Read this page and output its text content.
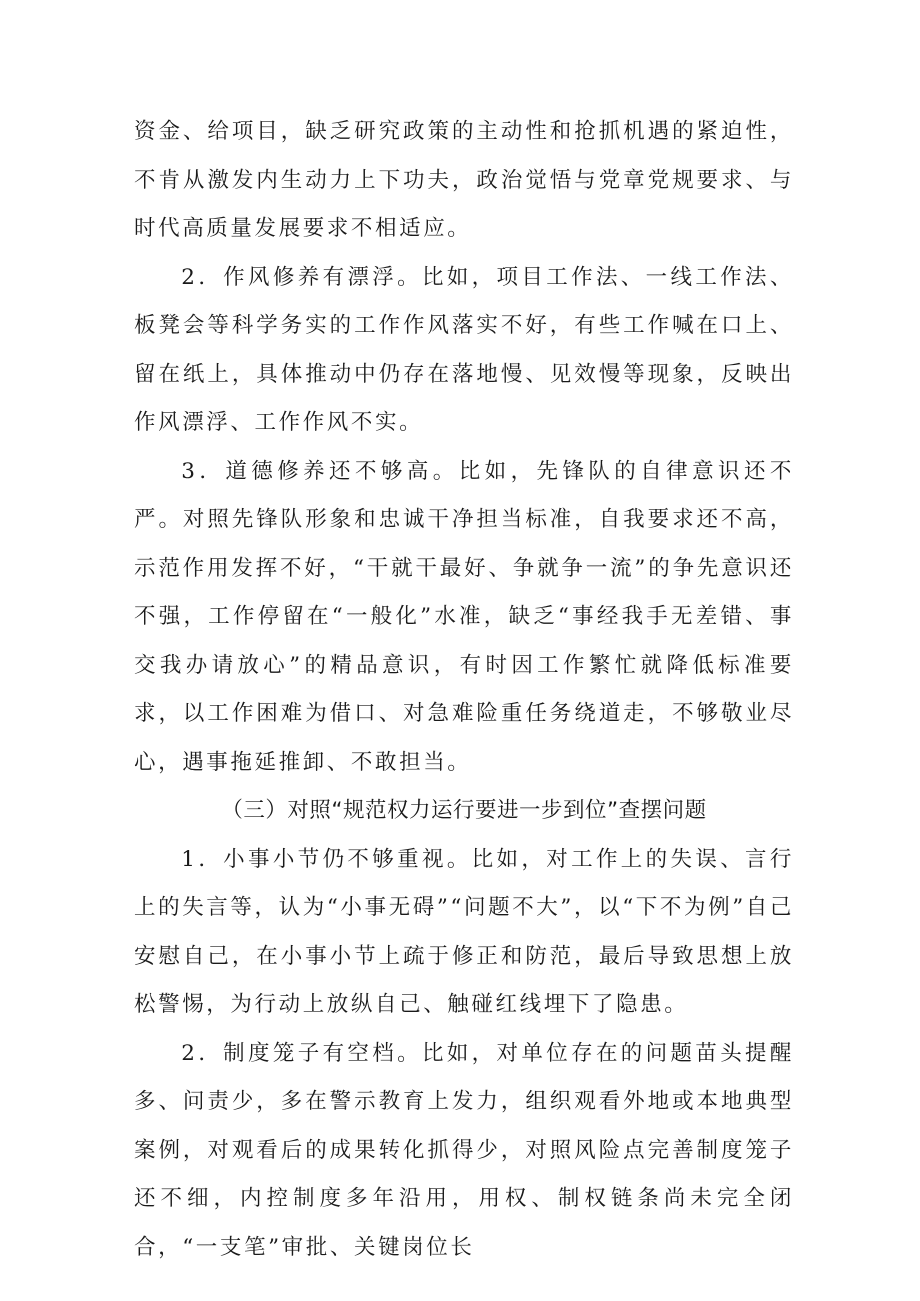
资金、给项目，缺乏研究政策的主动性和抢抓机遇的紧迫性，不肯从激发内生动力上下功夫，政治觉悟与党章党规要求、与时代高质量发展要求不相适应。

2．作风修养有漂浮。比如，项目工作法、一线工作法、板凳会等科学务实的工作作风落实不好，有些工作喊在口上、留在纸上，具体推动中仍存在落地慢、见效慢等现象，反映出作风漂浮、工作作风不实。

3．道德修养还不够高。比如，先锋队的自律意识还不严。对照先锋队形象和忠诚干净担当标准，自我要求还不高，示范作用发挥不好，“干就干最好、争就争一流”的争先意识还不强，工作停留在“一般化”水准，缺乏“事经我手无差错、事交我办请放心”的精品意识，有时因工作繁忙就降低标准要求，以工作困难为借口、对急难险重任务绕道走，不够敬业尽心，遇事拖延推卸、不敢担当。

（三）对照“规范权力运行要进一步到位”查摆问题

1．小事小节仍不够重视。比如，对工作上的失误、言行上的失言等，认为“小事无碍”“问题不大”，以“下不为例”自己安慰自己，在小事小节上疏于修正和防范，最后导致思想上放松警惕，为行动上放纵自己、触碰红线埋下了隐患。

2．制度笼子有空档。比如，对单位存在的问题苗头提醒多、问责少，多在警示教育上发力，组织观看外地或本地典型案例，对观看后的成果转化抓得少，对照风险点完善制度笼子还不细，内控制度多年沿用，用权、制权链条尚未完全闭合，“一支笔”审批、关键岗位长
